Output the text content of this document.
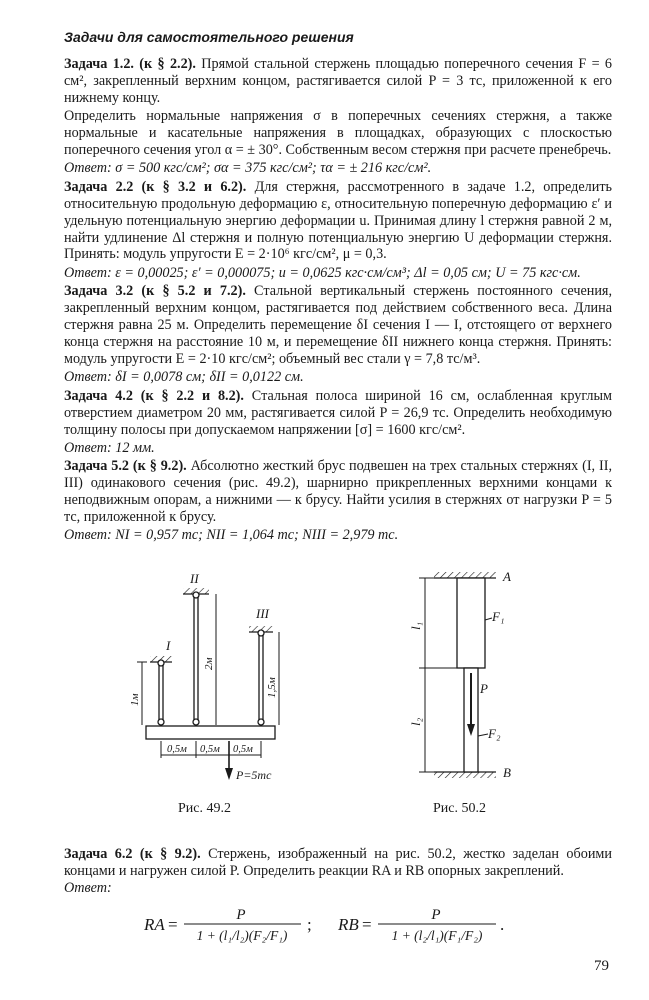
Задачи для самостоятельного решения

Задача 1.2. (к § 2.2). Прямой стальной стержень площадью поперечного сечения F = 6 см², закрепленный верхним концом, растягивается силой P = 3 тс, приложенной к его нижнему концу.

Определить нормальные напряжения σ в поперечных сечениях стержня, а также нормальные и касательные напряжения в площадках, образующих с плоскостью поперечного сечения угол α = ± 30°. Собственным весом стержня при расчете пренебречь.

Ответ: σ = 500 кгс/см²; σα = 375 кгс/см²; τα = ± 216 кгс/см².

Задача 2.2 (к § 3.2 и 6.2). Для стержня, рассмотренного в задаче 1.2, определить относительную продольную деформацию ε, относительную поперечную деформацию ε′ и удельную потенциальную энергию деформации u. Принимая длину l стержня равной 2 м, найти удлинение Δl стержня и полную потенциальную энергию U деформации стержня. Принять: модуль упругости E = 2·10⁶ кгс/см², μ = 0,3.

Ответ: ε = 0,00025; ε′ = 0,000075; u = 0,0625 кгс·см/см³; Δl = 0,05 см; U = 75 кгс·см.

Задача 3.2 (к § 5.2 и 7.2). Стальной вертикальный стержень постоянного сечения, закрепленный верхним концом, растягивается под действием собственного веса. Длина стержня равна 25 м. Определить перемещение δI сечения I — I, отстоящего от верхнего конца стержня на расстояние 10 м, и перемещение δII нижнего конца стержня. Принять: модуль упругости E = 2·10 кгс/см²; объемный вес стали γ = 7,8 тс/м³.

Ответ: δI = 0,0078 см; δII = 0,0122 см.

Задача 4.2 (к § 2.2 и 8.2). Стальная полоса шириной 16 см, ослабленная круглым отверстием диаметром 20 мм, растягивается силой P = 26,9 тс. Определить необходимую толщину полосы при допускаемом напряжении [σ] = 1600 кгс/см².

Ответ: 12 мм.

Задача 5.2 (к § 9.2). Абсолютно жесткий брус подвешен на трех стальных стержнях (I, II, III) одинакового сечения (рис. 49.2), шарнирно прикрепленных верхними концами к неподвижным опорам, а нижними — к брусу. Найти усилия в стержнях от нагрузки P = 5 тс, приложенной к брусу.

Ответ: NI = 0,957 тс; NII = 1,064 тс; NIII = 2,979 тс.

I
II
III
1м
2м
1,5м
0,5м 0,5м 0,5м
P=5тс
A
B
F₁
F₂
P
l₁
l₂
Рис. 49.2	Рис. 50.2

Задача 6.2 (к § 9.2). Стержень, изображенный на рис. 50.2, жестко заделан обоими концами и нагружен силой P. Определить реакции RA и RB опорных закреплений.

Ответ:

RA =	P
1 + (l₁/l₂)(F₂/F₁)
; RB =	P
1 + (l₂/l₁)(F₁/F₂)
.
79
